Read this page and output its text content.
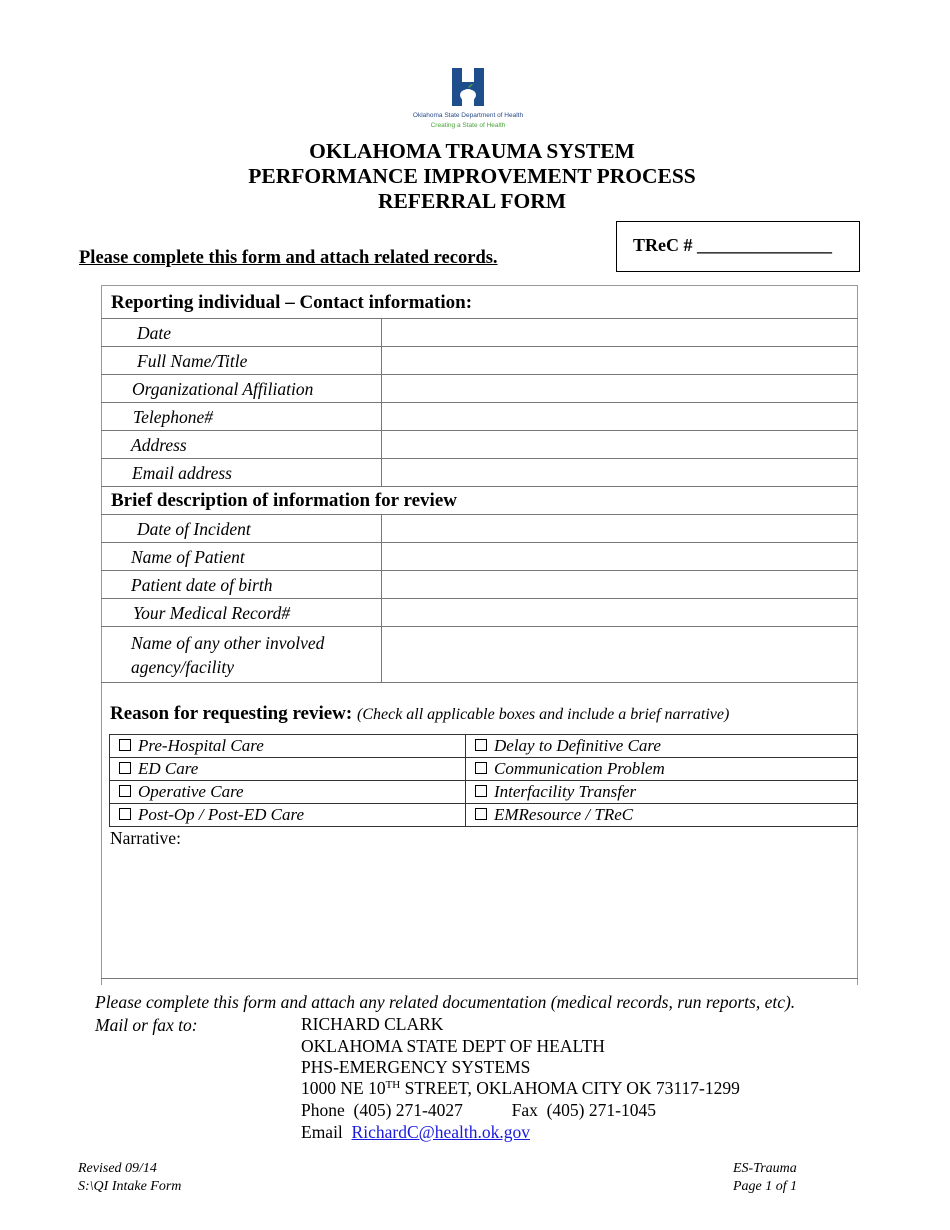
Oklahoma State Department of Health
Creating a State of Health
OKLAHOMA TRAUMA SYSTEM
PERFORMANCE IMPROVEMENT PROCESS
REFERRAL FORM
Please complete this form and attach related records.
TReC # _______________
Reporting individual – Contact information:
Date
Full Name/Title
Organizational Affiliation
Telephone#
Address
Email address
Brief description of information for review
Date of Incident
Name of Patient
Patient date of birth
Your Medical Record#
Name of any other involved
agency/facility
Reason for requesting review: (Check all applicable boxes and include a brief narrative)
Pre-Hospital Care	Delay to Definitive Care
ED Care	Communication Problem
Operative Care	Interfacility Transfer
Post-Op / Post-ED Care	EMResource / TReC
Narrative:
Please complete this form and attach any related documentation (medical records, run reports, etc).
Mail or fax to:	RICHARD CLARK
OKLAHOMA STATE DEPT OF HEALTH
PHS-EMERGENCY SYSTEMS
1000 NE 10TH STREET, OKLAHOMA CITY OK 73117-1299
Phone (405) 271-4027	Fax (405) 271-1045
Email RichardC@health.ok.gov
Revised 09/14
S:\QI Intake Form
ES-Trauma
Page 1 of 1
